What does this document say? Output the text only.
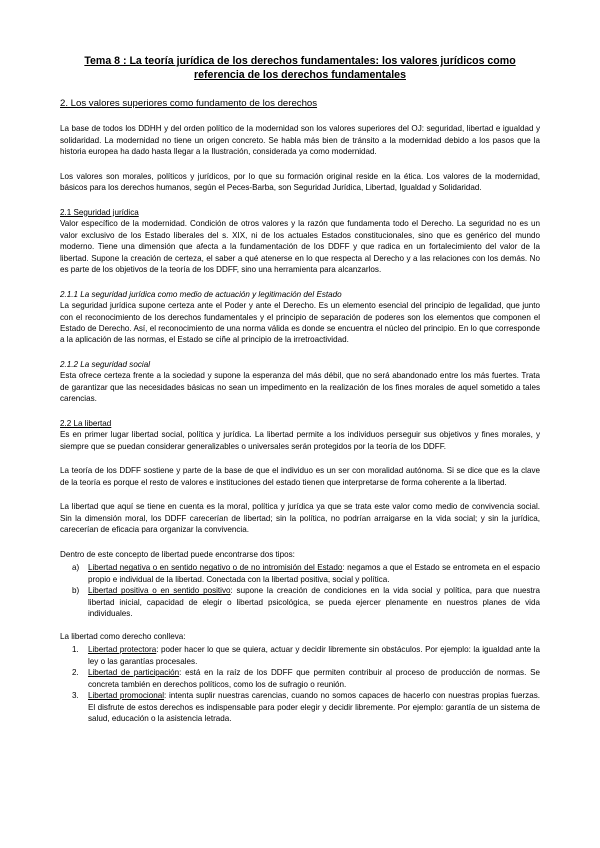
Tema 8 : La teoría jurídica de los derechos fundamentales: los valores jurídicos como referencia de los derechos fundamentales
2. Los valores superiores como fundamento de los derechos

La base de todos los DDHH y del orden político de la modernidad son los valores superiores del OJ: seguridad, libertad e igualdad y solidaridad. La modernidad no tiene un origen concreto. Se habla más bien de tránsito a la modernidad debido a los pasos que la historia europea ha dado hasta llegar a la Ilustración, considerada ya como modernidad.

Los valores son morales, políticos y jurídicos, por lo que su formación original reside en la ética. Los valores de la modernidad, básicos para los derechos humanos, según el Peces-Barba, son Seguridad Jurídica, Libertad, Igualdad y Solidaridad.

2.1 Seguridad jurídica

Valor específico de la modernidad. Condición de otros valores y la razón que fundamenta todo el Derecho. La seguridad no es un valor exclusivo de los Estado liberales del s. XIX, ni de los actuales Estados constitucionales, sino que es genérico del mundo moderno. Tiene una dimensión que afecta a la fundamentación de los DDFF y que radica en un fortalecimiento del valor de la libertad. Supone la creación de certeza, el saber a qué atenerse en lo que respecta al Derecho y a las relaciones con los demás. No es parte de los objetivos de la teoría de los DDFF, sino una herramienta para alcanzarlos.

2.1.1 La seguridad jurídica como medio de actuación y legitimación del Estado

La seguridad jurídica supone certeza ante el Poder y ante el Derecho. Es un elemento esencial del principio de legalidad, que junto con el reconocimiento de los derechos fundamentales y el principio de separación de poderes son los elementos que componen el Estado de Derecho. Así, el reconocimiento de una norma válida es donde se encuentra el núcleo del principio. En lo que corresponde a la aplicación de las normas, el Estado se ciñe al principio de la irretroactividad.

2.1.2 La seguridad social

Esta ofrece certeza frente a la sociedad y supone la esperanza del más débil, que no será abandonado entre los más fuertes. Trata de garantizar que las necesidades básicas no sean un impedimento en la realización de los fines morales de aquel sometido a tales carencias.

2.2 La libertad

Es en primer lugar libertad social, política y jurídica. La libertad permite a los individuos perseguir sus objetivos y fines morales, y siempre que se puedan considerar generalizables o universales serán protegidos por la teoría de los DDFF.

La teoría de los DDFF sostiene y parte de la base de que el individuo es un ser con moralidad autónoma. Si se dice que es la clave de la teoría es porque el resto de valores e instituciones del estado tienen que interpretarse de forma coherente a la libertad.

La libertad que aquí se tiene en cuenta es la moral, política y jurídica ya que se trata este valor como medio de convivencia social. Sin la dimensión moral, los DDFF carecerían de libertad; sin la política, no podrían arraigarse en la vida social; y sin la jurídica, carecerían de eficacia para organizar la convivencia.

Dentro de este concepto de libertad puede encontrarse dos tipos:

a)	Libertad negativa o en sentido negativo o de no intromisión del Estado: negamos a que el Estado se entrometa en el espacio propio e individual de la libertad. Conectada con la libertad positiva, social y política.
b)	Libertad positiva o en sentido positivo: supone la creación de condiciones en la vida social y política, para que nuestra libertad inicial, capacidad de elegir o libertad psicológica, se pueda ejercer plenamente en nuestros planes de vida individuales.

La libertad como derecho conlleva:

1.	Libertad protectora: poder hacer lo que se quiera, actuar y decidir libremente sin obstáculos. Por ejemplo: la igualdad ante la ley o las garantías procesales.
2.	Libertad de participación: está en la raíz de los DDFF que permiten contribuir al proceso de producción de normas. Se concreta también en derechos políticos, como los de sufragio o reunión.
3.	Libertad promocional: intenta suplir nuestras carencias, cuando no somos capaces de hacerlo con nuestras propias fuerzas. El disfrute de estos derechos es indispensable para poder elegir y decidir libremente. Por ejemplo: garantía de un sistema de salud, educación o la asistencia letrada.
